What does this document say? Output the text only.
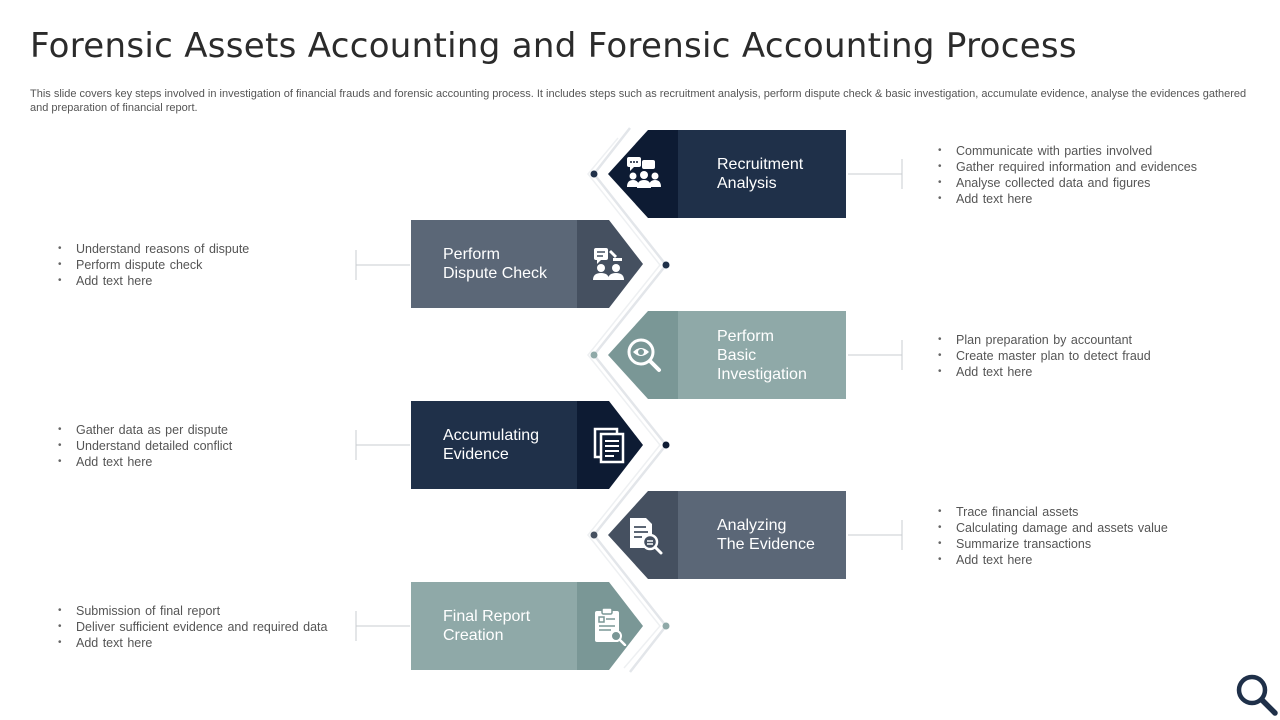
Forensic Assets Accounting and Forensic Accounting Process

This slide covers key steps involved in investigation of financial frauds and forensic accounting process. It includes steps such as recruitment analysis, perform dispute check & basic investigation, accumulate evidence, analyse the evidences gathered and preparation of financial report.

Recruitment
Analysis
• Communicate with parties involved
• Gather required information and evidences
• Analyse collected data and figures
• Add text here
Perform
Dispute Check
• Understand reasons of dispute
• Perform dispute check
• Add text here
Perform
Basic
Investigation
• Plan preparation by accountant
• Create master plan to detect fraud
• Add text here
Accumulating
Evidence
• Gather data as per dispute
• Understand detailed conflict
• Add text here
Analyzing
The Evidence
• Trace financial assets
• Calculating damage and assets value
• Summarize transactions
• Add text here
Final Report
Creation
• Submission of final report
• Deliver sufficient evidence and required data
• Add text here
